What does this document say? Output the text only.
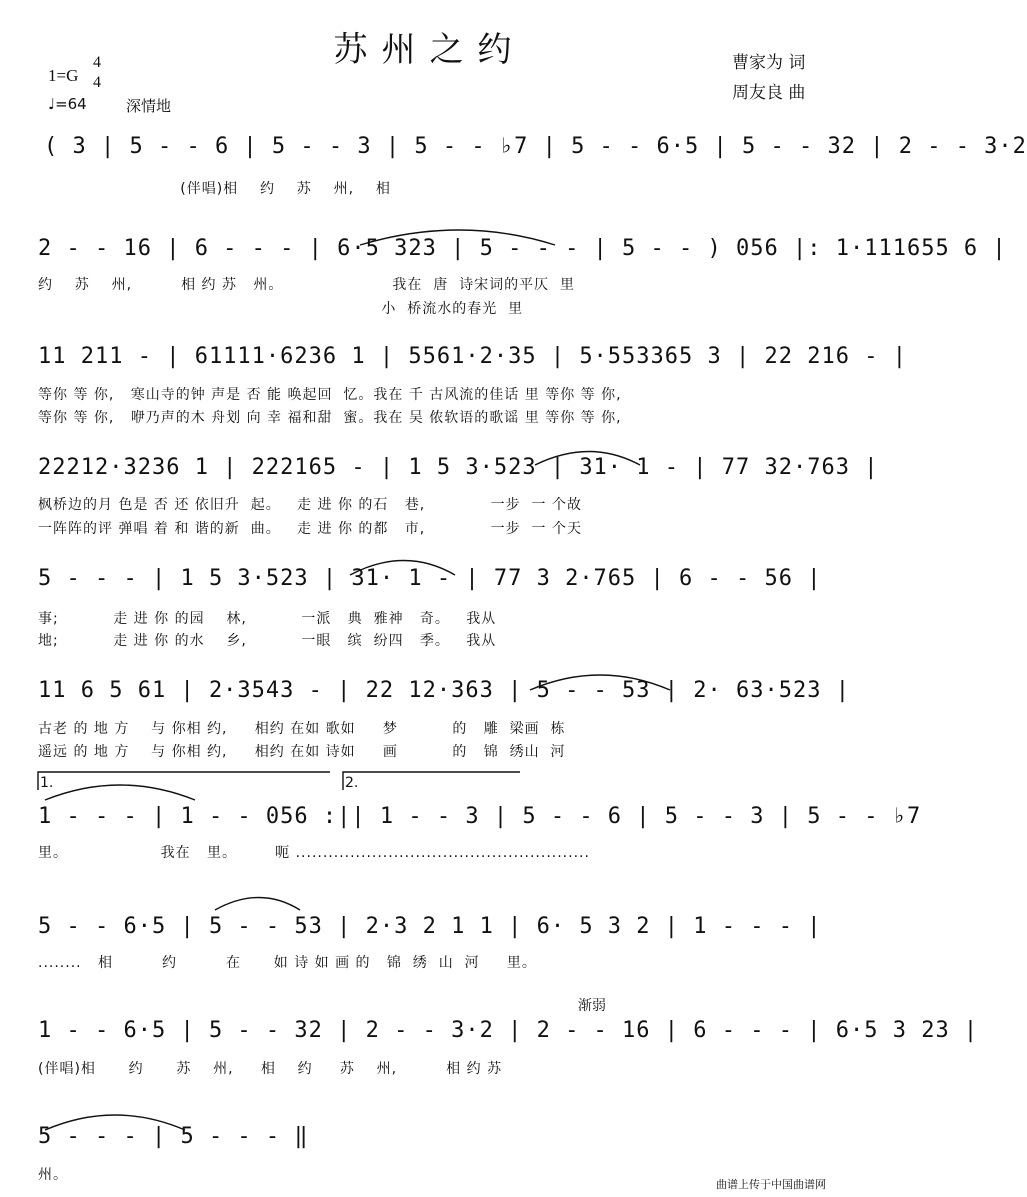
苏州之约	曹家为 词
周友良 曲
1=G
4
4
♩=64	深情地
( 3 | 5 - - 6 | 5 - - 3 | 5 - - ♭7 | 5 - - 6·5 | 5 - - 32 | 2 - - 3·2
(伴唱)相    约    苏    州,    相
2 - - 16 | 6 - - - | 6·5 323 | 5 - - - | 5 - - ) 056 |: 1·111655 6 |
约    苏    州,         相 约 苏   州。                    我在  唐  诗宋词的平仄  里
小  桥流水的春光  里
11 211 - | 61111·6236 1 | 5561·2·35 | 5·553365 3 | 22 216 - |
等你 等 你,   寒山寺的钟 声是 否 能 唤起回  忆。我在 千 古风流的佳话 里 等你 等 你,
等你 等 你,   咿乃声的木 舟划 向 幸 福和甜  蜜。我在 吴 侬软语的歌谣 里 等你 等 你,
22212·3236 1 | 222165 - | 1 5 3·523 | 31· 1 - | 77 32·763 |
枫桥边的月 色是 否 还 依旧升  起。   走 进 你 的石   巷,            一步  一 个故
一阵阵的评 弹唱 着 和 谐的新  曲。   走 进 你 的都   市,            一步  一 个天
5 - - - | 1 5 3·523 | 31· 1 - | 77 3 2·765 | 6 - - 56 |
事;          走 进 你 的园    林,          一派   典  雅神   奇。   我从
地;          走 进 你 的水    乡,          一眼   缤  纷四   季。   我从
11 6 5 61 | 2·3543 - | 22 12·363 | 5 - - 53 | 2· 63·523 |
古老 的 地 方    与 你相 约,     相约 在如 歌如     梦          的   雕  梁画  栋
遥远 的 地 方    与 你相 约,     相约 在如 诗如     画          的   锦  绣山  河
1.	2.
1 - - - | 1 - - 056 :|| 1 - - 3 | 5 - - 6 | 5 - - 3 | 5 - - ♭7
里。                 我在   里。       呃 ......................................................
5 - - 6·5 | 5 - - 53 | 2·3 2 1 1 | 6· 5 3 2 | 1 - - - |
........   相         约         在      如 诗 如 画 的   锦  绣  山  河     里。
渐弱
1 - - 6·5 | 5 - - 32 | 2 - - 3·2 | 2 - - 16 | 6 - - - | 6·5 3 23 |
(伴唱)相      约      苏    州,     相    约     苏    州,         相 约 苏
5 - - - | 5 - - - ‖
州。
曲谱上传于中国曲谱网
